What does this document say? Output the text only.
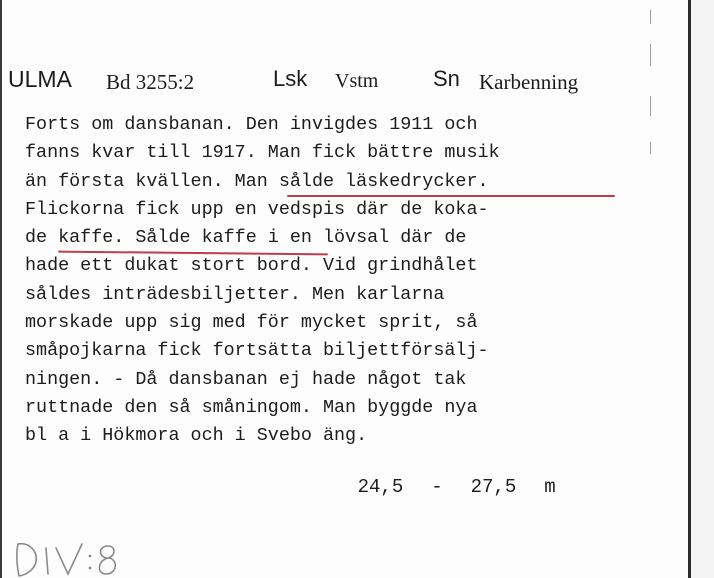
ULMA Bd 3255:2	Lsk Vstm Sn Karbenning
Forts om dansbanan. Den invigdes 1911 och
fanns kvar till 1917. Man fick bättre musik
än första kvällen. Man sålde läskedrycker.
Flickorna fick upp en vedspis där de koka-
de kaffe. Sålde kaffe i en lövsal där de
hade ett dukat stort bord. Vid grindhålet
såldes inträdesbiljetter. Men karlarna
morskade upp sig med för mycket sprit, så
småpojkarna fick fortsätta biljettförsälj-
ningen. - Då dansbanan ej hade något tak
ruttnade den så småningom. Man byggde nya
bl a i Hökmora och i Svebo äng.

24,5 - 27,5 m
